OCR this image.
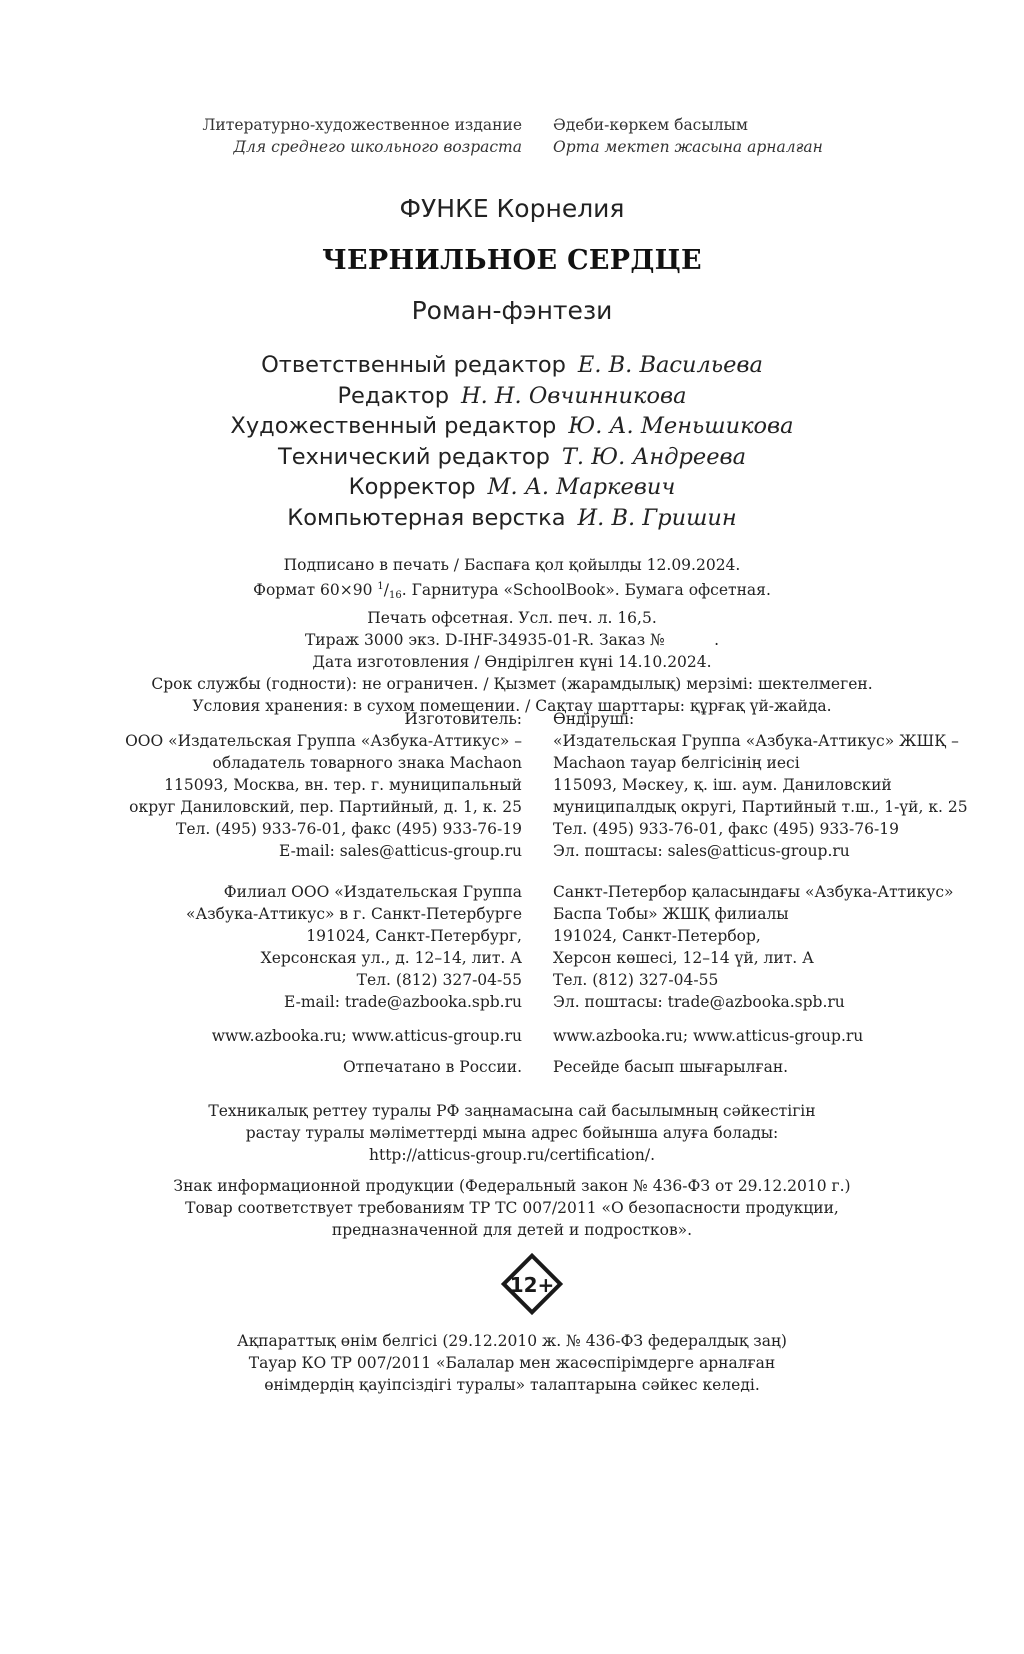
Литературно-художественное издание
Для среднего школьного возраста
Әдеби-көркем басылым
Орта мектеп жасына арналған
ФУНКЕ Корнелия
ЧЕРНИЛЬНОЕ СЕРДЦЕ
Роман-фэнтези
Ответственный редактор Е. В. Васильева
Редактор Н. Н. Овчинникова
Художественный редактор Ю. А. Меньшикова
Технический редактор Т. Ю. Андреева
Корректор М. А. Маркевич
Компьютерная верстка И. В. Гришин
Подписано в печать / Баспаға қол қойылды 12.09.2024.
Формат 60×90 $^1/_{16}$. Гарнитура «SchoolBook». Бумага офсетная.
Печать офсетная. Усл. печ. л. 16,5.
Тираж 3000 экз. D-IHF-34935-01-R. Заказ №          .
Дата изготовления / Өндірілген күні 14.10.2024.
Срок службы (годности): не ограничен. / Қызмет (жарамдылық) мерзімі: шектелмеген.
Условия хранения: в сухом помещении. / Сақтау шарттары: құрғақ үй-жайда.
Изготовитель:
ООО «Издательская Группа «Азбука-Аттикус» –
обладатель товарного знака Machaon
115093, Москва, вн. тер. г. муниципальный
округ Даниловский, пер. Партийный, д. 1, к. 25
Тел. (495) 933-76-01, факс (495) 933-76-19
E-mail: sales@atticus-group.ru
Өндіруші:
«Издательская Группа «Азбука-Аттикус» ЖШҚ –
Machaon тауар белгісінің иесі
115093, Мәскеу, қ. іш. аум. Даниловский
муниципалдық округі, Партийный т.ш., 1-үй, к. 25
Тел. (495) 933-76-01, факс (495) 933-76-19
Эл. поштасы: sales@atticus-group.ru
Филиал ООО «Издательская Группа
«Азбука-Аттикус» в г. Санкт-Петербурге
191024, Санкт-Петербург,
Херсонская ул., д. 12–14, лит. А
Тел. (812) 327-04-55
E-mail: trade@azbooka.spb.ru
Санкт-Петербор қаласындағы «Азбука-Аттикус»
Баспа Тобы» ЖШҚ филиалы
191024, Санкт-Петербор,
Херсон көшесі, 12–14 үй, лит. А
Тел. (812) 327-04-55
Эл. поштасы: trade@azbooka.spb.ru
www.azbooka.ru; www.atticus-group.ru www.azbooka.ru; www.atticus-group.ru
Отпечатано в России. Ресейде басып шығарылған.
Техникалық реттеу туралы РФ заңнамасына сай басылымның сәйкестігін
растау туралы мәліметтерді мына адрес бойынша алуға болады:
http://atticus-group.ru/certification/.
Знак информационной продукции (Федеральный закон № 436-ФЗ от 29.12.2010 г.)
Товар соответствует требованиям ТР ТС 007/2011 «О безопасности продукции,
предназначенной для детей и подростков».
12+
Ақпараттық өнім белгісі (29.12.2010 ж. № 436-ФЗ федералдық заң)
Тауар КО ТР 007/2011 «Балалар мен жасөспірімдерге арналған
өнімдердің қауіпсіздігі туралы» талаптарына сәйкес келеді.
